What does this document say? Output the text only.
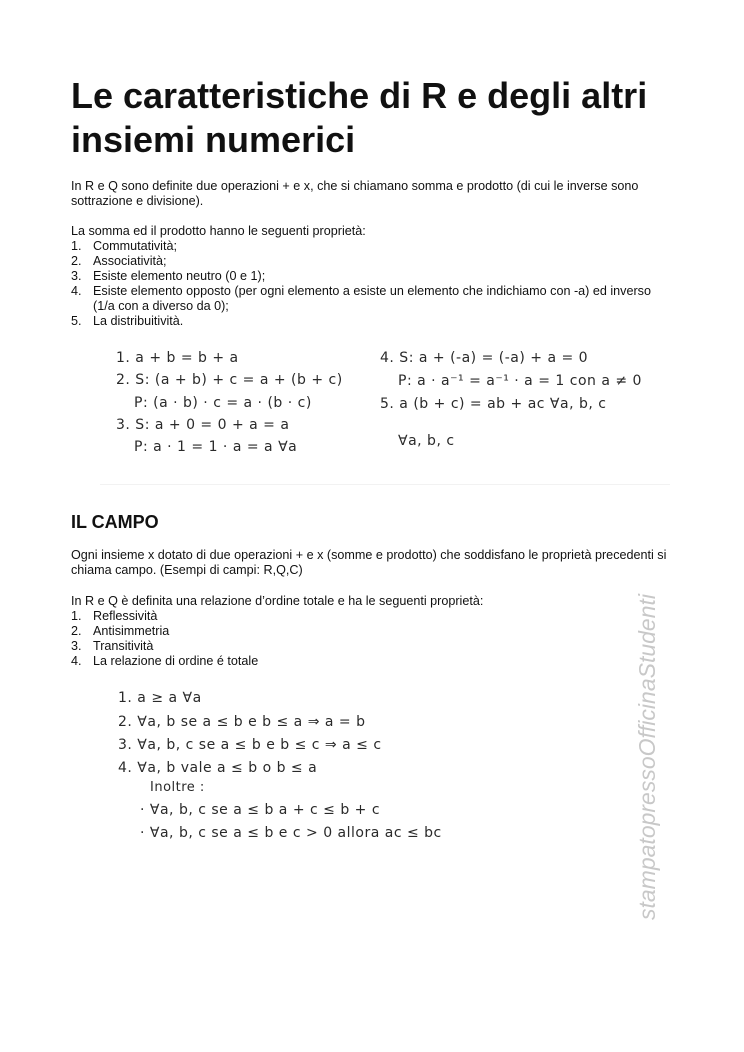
Le caratteristiche di R e degli altri insiemi numerici

In R e Q sono definite due operazioni + e x, che si chiamano somma e prodotto (di cui le inverse sono sottrazione e divisione).

La somma ed il prodotto hanno le seguenti proprietà:

1. Commutatività;
2. Associatività;
3. Esiste elemento neutro (0 e 1);
4. Esiste elemento opposto (per ogni elemento a esiste un elemento che indichiamo con -a) ed inverso (1/a con a diverso da 0);
5. La distribuitività.
1. a + b = b + a
2. S: (a + b) + c = a + (b + c)
P: (a · b) · c = a · (b · c)
3. S: a + 0 = 0 + a = a
P: a · 1 = 1 · a = a ∀a
4. S: a + (-a) = (-a) + a = 0
P: a · a⁻¹ = a⁻¹ · a = 1 con a ≠ 0
5. a (b + c) = ab + ac ∀a, b, c
∀a, b, c
IL CAMPO

Ogni insieme x dotato di due operazioni + e x (somme e prodotto) che soddisfano le proprietà precedenti si chiama campo. (Esempi di campi: R,Q,C)

In R e Q è definita una relazione d’ordine totale e ha le seguenti proprietà:

1. Reflessività
2. Antisimmetria
3. Transitività
4. La relazione di ordine é totale
1. a ≥ a ∀a
2. ∀a, b se a ≤ b e b ≤ a ⇒ a = b
3. ∀a, b, c se a ≤ b e b ≤ c ⇒ a ≤ c
4. ∀a, b vale a ≤ b o b ≤ a
Inoltre :
· ∀a, b, c se a ≤ b a + c ≤ b + c
· ∀a, b, c se a ≤ b e c > 0 allora ac ≤ bc	stampatopressoOfficinaStudenti
